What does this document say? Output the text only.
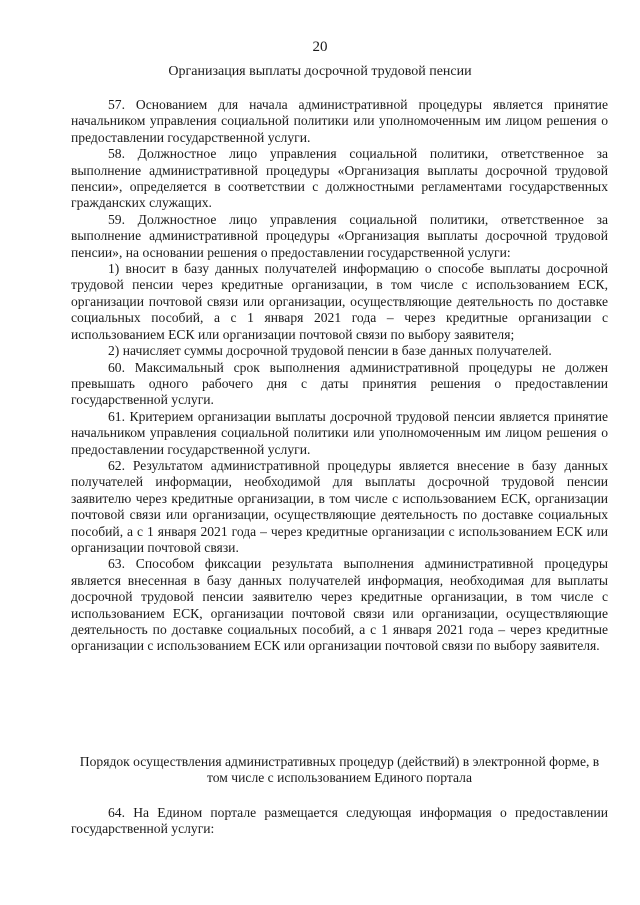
20
Организация выплаты досрочной трудовой пенсии

57. Основанием для начала административной процедуры является принятие начальником управления социальной политики или уполномоченным им лицом решения о предоставлении государственной услуги.

58. Должностное лицо управления социальной политики, ответственное за выполнение административной процедуры «Организация выплаты досрочной трудовой пенсии», определяется в соответствии с должностными регламентами государственных гражданских служащих.

59. Должностное лицо управления социальной политики, ответственное за выполнение административной процедуры «Организация выплаты досрочной трудовой пенсии», на основании решения о предоставлении государственной услуги:

1) вносит в базу данных получателей информацию о способе выплаты досрочной трудовой пенсии через кредитные организации, в том числе с использованием ЕСК, организации почтовой связи или организации, осуществляющие деятельность по доставке социальных пособий, а с 1 января 2021 года – через кредитные организации с использованием ЕСК или организации почтовой связи по выбору заявителя;

2) начисляет суммы досрочной трудовой пенсии в базе данных получателей.

60. Максимальный срок выполнения административной процедуры не должен превышать одного рабочего дня с даты принятия решения о предоставлении государственной услуги.

61. Критерием организации выплаты досрочной трудовой пенсии является принятие начальником управления социальной политики или уполномоченным им лицом решения о предоставлении государственной услуги.

62. Результатом административной процедуры является внесение в базу данных получателей информации, необходимой для выплаты досрочной трудовой пенсии заявителю через кредитные организации, в том числе с использованием ЕСК, организации почтовой связи или организации, осуществляющие деятельность по доставке социальных пособий, а с 1 января 2021 года – через кредитные организации с использованием ЕСК или организации почтовой связи.

63. Способом фиксации результата выполнения административной процедуры является внесенная в базу данных получателей информация, необходимая для выплаты досрочной трудовой пенсии заявителю через кредитные организации, в том числе с использованием ЕСК, организации почтовой связи или организации, осуществляющие деятельность по доставке социальных пособий, а с 1 января 2021 года – через кредитные организации с использованием ЕСК или организации почтовой связи по выбору заявителя.

Порядок осуществления административных процедур (действий) в электронной форме, в том числе с использованием Единого портала

64. На Едином портале размещается следующая информация о предоставлении государственной услуги:
